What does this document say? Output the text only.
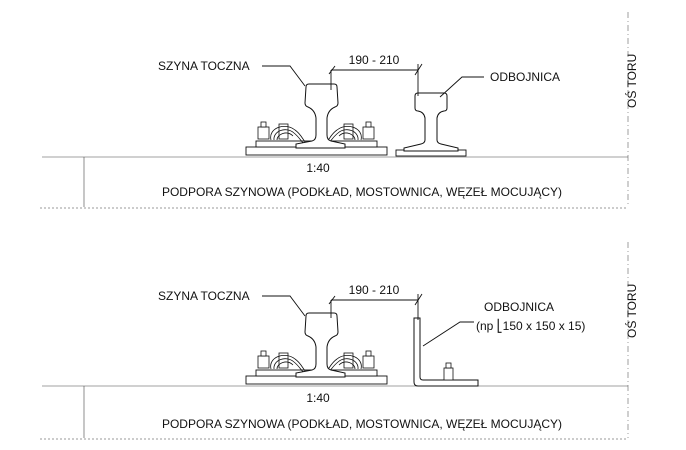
OŚ TORU
PODPORA SZYNOWA (PODKŁAD, MOSTOWNICA, WĘZEŁ MOCUJĄCY)
1:40
190 - 210
SZYNA TOCZNA
ODBOJNICA
OŚ TORU
PODPORA SZYNOWA (PODKŁAD, MOSTOWNICA, WĘZEŁ MOCUJĄCY)
1:40
190 - 210
SZYNA TOCZNA
ODBOJNICA
(np ⎣150 x 150 x 15)
